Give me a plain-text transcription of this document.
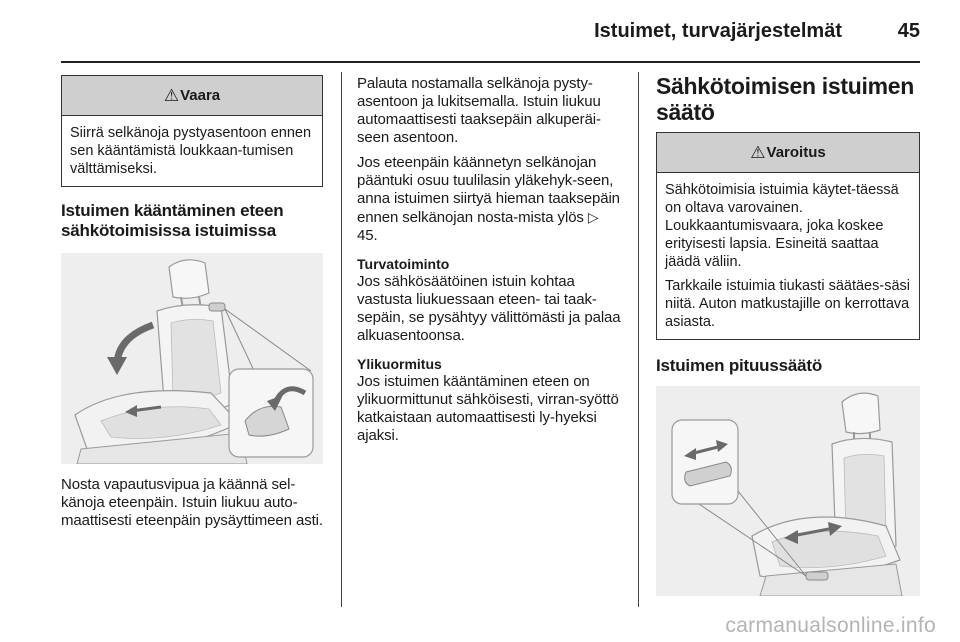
Istuimet, turvajärjestelmät	45
⚠ Vaara

Siirrä selkänoja pystyasentoon ennen sen kääntämistä loukkaan-tumisen välttämiseksi.

Istuimen kääntäminen eteen sähkötoimisissa istuimissa

Nosta vapautusvipua ja käännä sel-känoja eteenpäin. Istuin liukuu auto-maattisesti eteenpäin pysäyttimeen asti.

Palauta nostamalla selkänoja pysty-asentoon ja lukitsemalla. Istuin liukuu automaattisesti taaksepäin alkuperäi-seen asentoon.

Jos eteenpäin käännetyn selkänojan pääntuki osuu tuulilasin yläkehyk-seen, anna istuimen siirtyä hieman taaksepäin ennen selkänojan nosta-mista ylös ▷ 45.

Turvatoiminto

Jos sähkösäätöinen istuin kohtaa vastusta liukuessaan eteen- tai taak-sepäin, se pysähtyy välittömästi ja palaa alkuasentoonsa.

Ylikuormitus

Jos istuimen kääntäminen eteen on ylikuormittunut sähköisesti, virran-syöttö katkaistaan automaattisesti ly-hyeksi ajaksi.

Sähkötoimisen istuimen säätö
⚠ Varoitus

Sähkötoimisia istuimia käytet-täessä on oltava varovainen. Loukkaantumisvaara, joka koskee erityisesti lapsia. Esineitä saattaa jäädä väliin.

Tarkkaile istuimia tiukasti säätäes-säsi niitä. Auton matkustajille on kerrottava asiasta.

Istuimen pituussäätö
carmanualsonline.info
